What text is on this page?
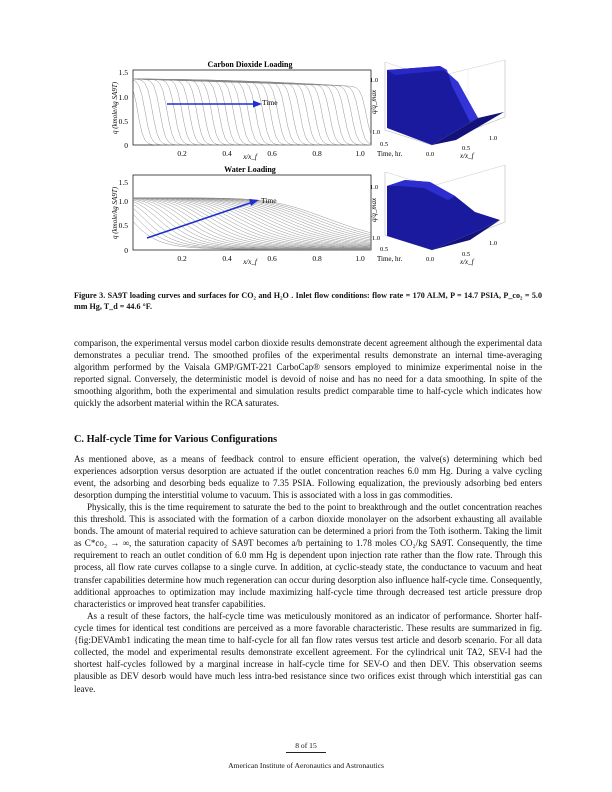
Carbon Dioxide Loading
Time
1.5
1.0
0.5
0
0.2	0.4	0.6	0.8	1.0
x/x_f
q (kmole/kg SA9T)	q/q_max
1.0
1.0
0.5
Time, hr.	0.0
0.5
1.0
x/x_f
Water Loading
Time
1.5
1.0
0.5
0
0.2	0.4	0.6	0.8	1.0
x/x_f
q (kmole/kg SA9T)	q/q_max
1.0
1.0
0.5
Time, hr.	0.0
0.5
1.0
x/x_f
Figure 3. SA9T loading curves and surfaces for CO₂ and H₂O . Inlet flow conditions: flow rate = 170 ALM, P = 14.7 PSIA, P_co₂ = 5.0 mm Hg, T_d = 44.6 °F.

comparison, the experimental versus model carbon dioxide results demonstrate decent agreement although the experimental data demonstrates a peculiar trend. The smoothed profiles of the experimental results demonstrate an internal time-averaging algorithm performed by the Vaisala GMP/GMT-221 CarboCap® sensors employed to minimize experimental noise in the reported signal. Conversely, the deterministic model is devoid of noise and has no need for a data smoothing. In spite of the smoothing algorithm, both the experimental and simulation results predict comparable time to half-cycle which indicates how quickly the adsorbent material within the RCA saturates.

C. Half-cycle Time for Various Configurations

As mentioned above, as a means of feedback control to ensure efficient operation, the valve(s) determining which bed experiences adsorption versus desorption are actuated if the outlet concentration reaches 6.0 mm Hg. During a valve cycling event, the adsorbing and desorbing beds equalize to 7.35 PSIA. Following equalization, the previously adsorbing bed enters desorption dumping the interstitial volume to vacuum. This is associated with a loss in gas commodities.

Physically, this is the time requirement to saturate the bed to the point to breakthrough and the outlet concentration reaches this threshold. This is associated with the formation of a carbon dioxide monolayer on the adsorbent exhausting all available bonds. The amount of material required to achieve saturation can be determined a priori from the Toth isotherm. Taking the limit as C*co₂ → ∞, the saturation capacity of SA9T becomes a/b pertaining to 1.78 moles CO₂/kg SA9T. Consequently, the time requirement to reach an outlet condition of 6.0 mm Hg is dependent upon injection rate rather than the flow rate. Through this process, all flow rate curves collapse to a single curve. In addition, at cyclic-steady state, the conductance to vacuum and heat transfer capabilities determine how much regeneration can occur during desorption also influence half-cycle time. Consequently, additional approaches to optimization may include maximizing half-cycle time through decreased test article pressure drop characteristics or improved heat transfer capabilities.

As a result of these factors, the half-cycle time was meticulously monitored as an indicator of performance. Shorter half-cycle times for identical test conditions are perceived as a more favorable characteristic. These results are summarized in fig. {fig:DEVAmb1 indicating the mean time to half-cycle for all fan flow rates versus test article and desorb scenario. For all data collected, the model and experimental results demonstrate excellent agreement. For the cylindrical unit TA2, SEV-I had the shortest half-cycles followed by a marginal increase in half-cycle time for SEV-O and then DEV. This observation seems plausible as DEV desorb would have much less intra-bed resistance since two orifices exist through which interstitial gas can leave.

8 of 15
American Institute of Aeronautics and Astronautics
